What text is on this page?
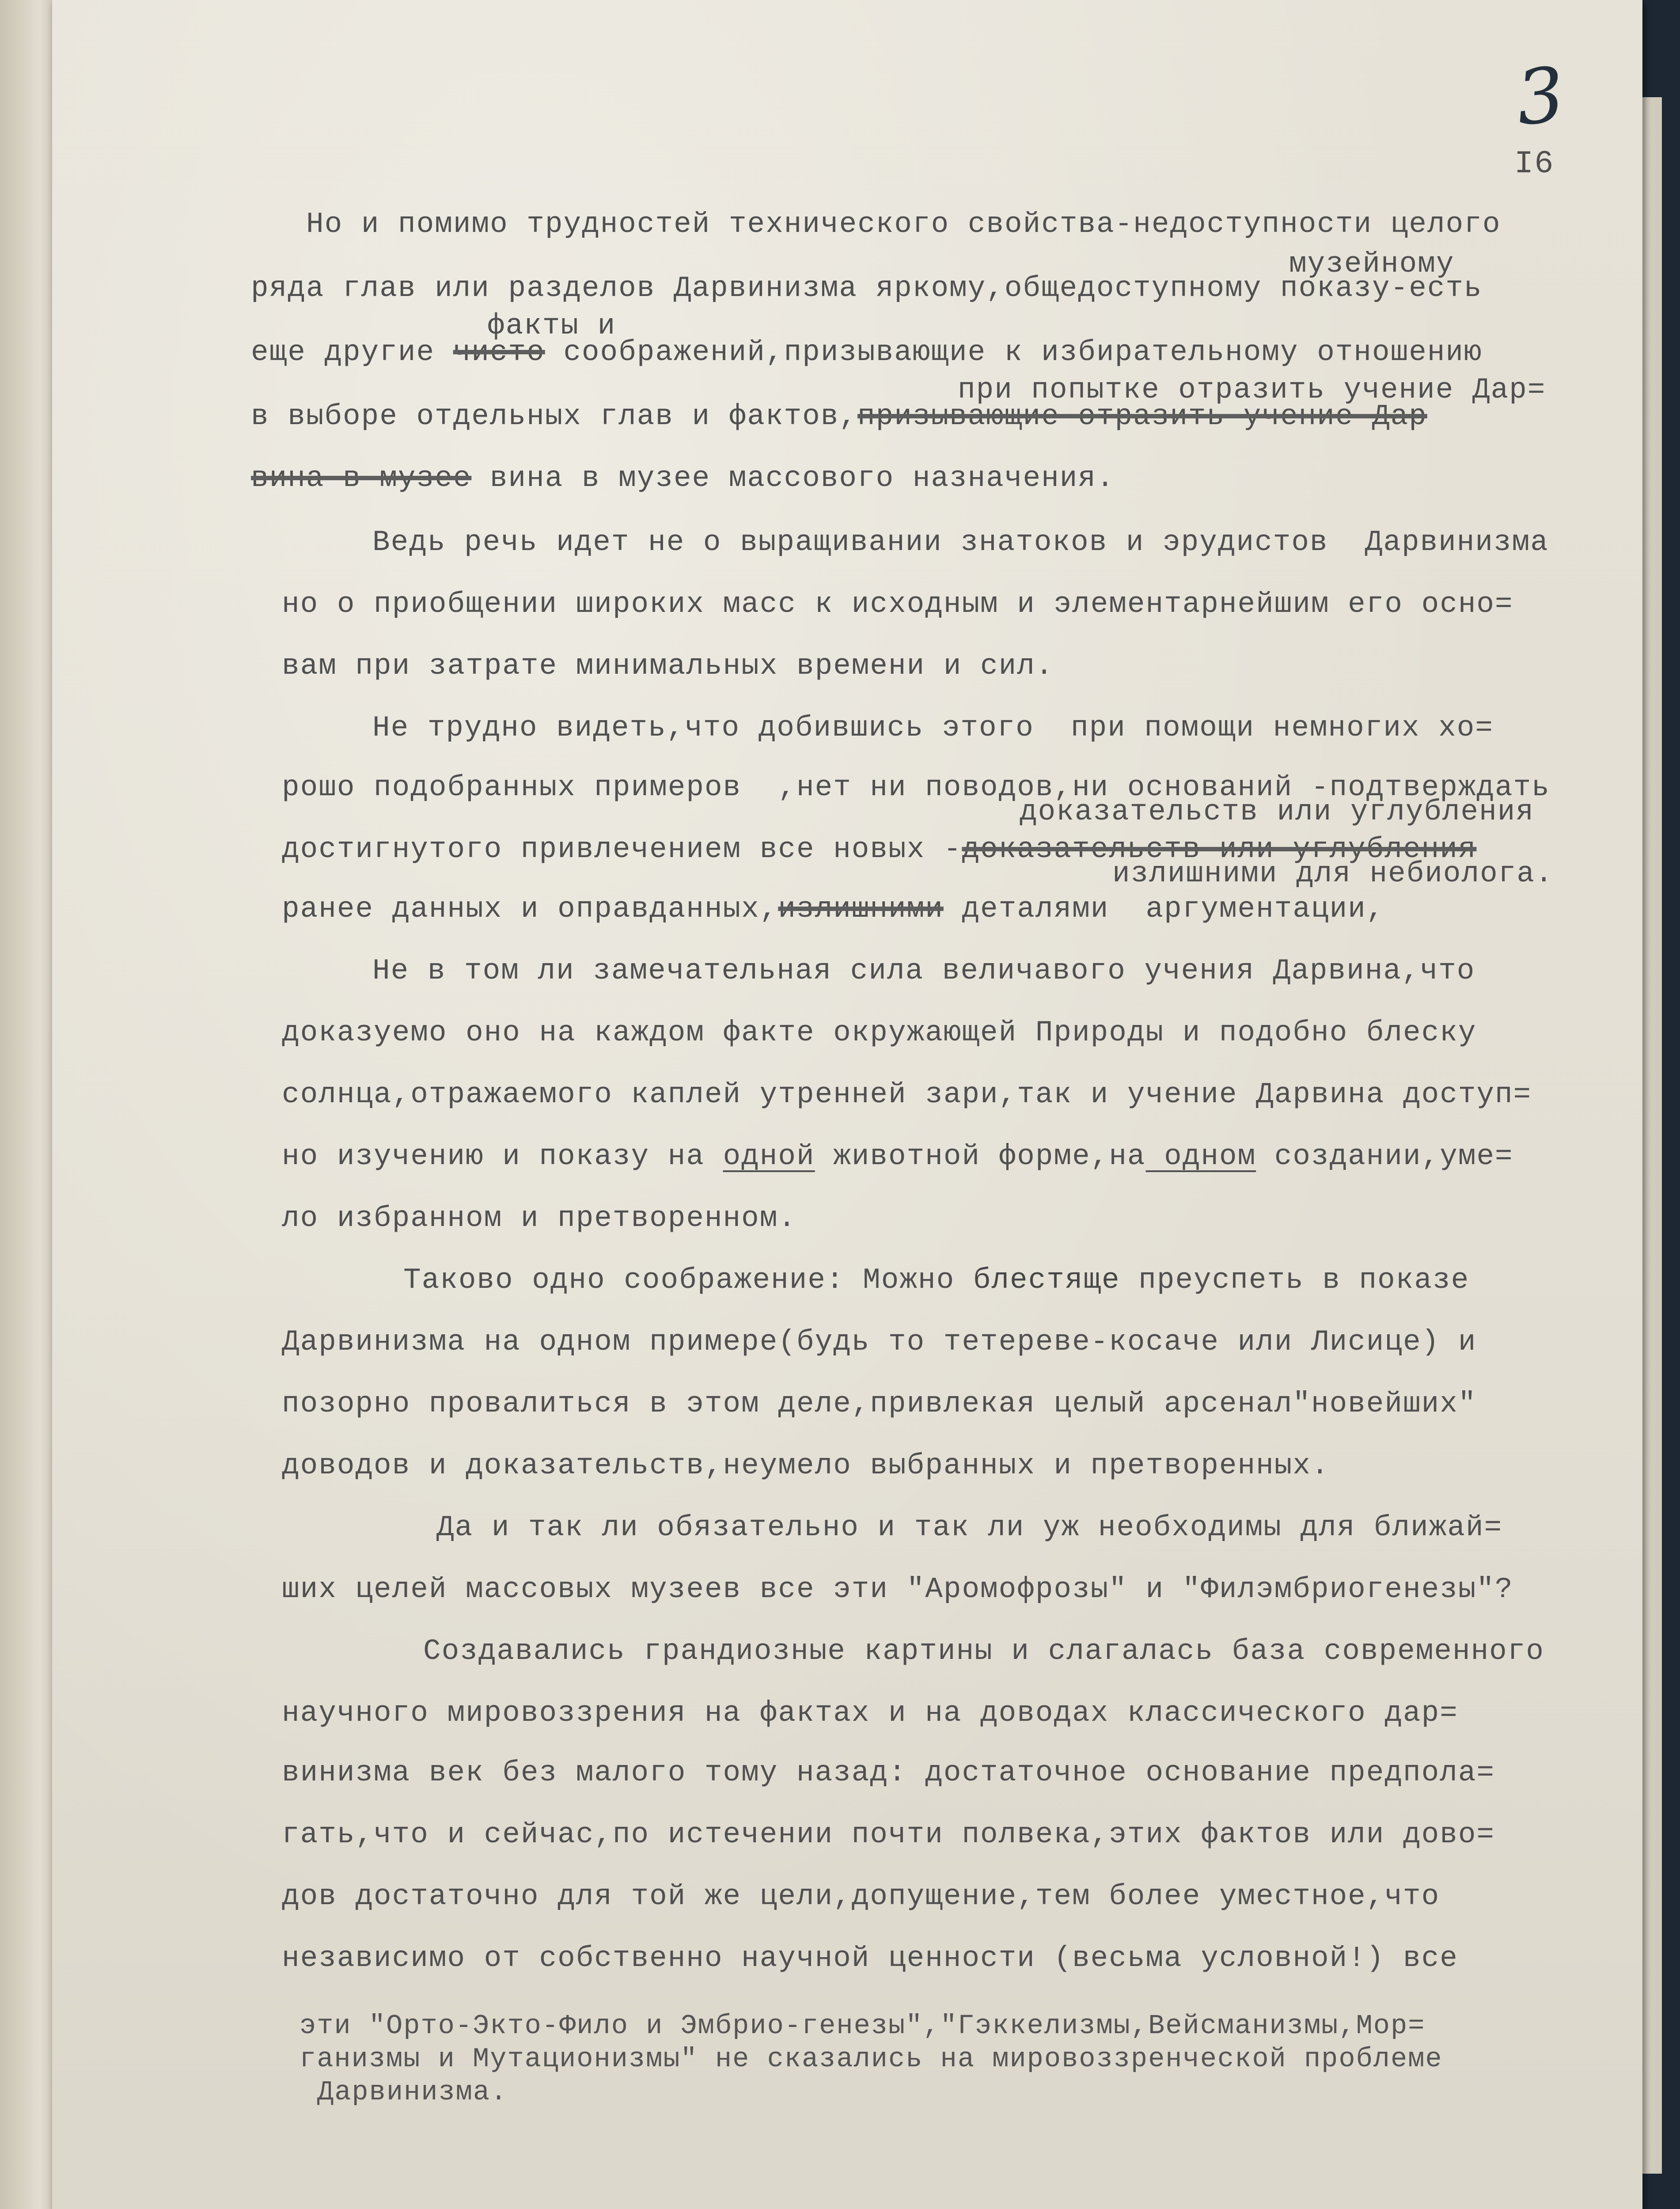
3
I6
Но и помимо трудностей технического свойства-недоступности целого
музейному
ряда глав или разделов Дарвинизма яркому,общедоступному показу-есть
факты и
еще другие чисто соображений,призывающие к избирательному отношению
при попытке отразить учение Дар=
в выборе отдельных глав и фактов,призывающие отразить учение Дар
вина в музее вина в музее массового назначения.
Ведь речь идет не о выращивании знатоков и эрудистов  Дарвинизма
но о приобщении широких масс к исходным и элементарнейшим его осно=
вам при затрате минимальных времени и сил.
Не трудно видеть,что добившись этого  при помощи немногих хо=
рошо подобранных примеров  ,нет ни поводов,ни оснований -подтверждать
доказательств или углубления
достигнутого привлечением все новых -доказательств или углубления
излишними для небиолога.
ранее данных и оправданных,излишними деталями  аргументации,
Не в том ли замечательная сила величавого учения Дарвина,что
доказуемо оно на каждом факте окружающей Природы и подобно блеску
солнца,отражаемого каплей утренней зари,так и учение Дарвина доступ=
но изучению и показу на одной животной форме,на одном создании,уме=
ло избранном и претворенном.
Таково одно соображение: Можно блестяще преуспеть в показе
Дарвинизма на одном примере(будь то тетереве-косаче или Лисице) и
позорно провалиться в этом деле,привлекая целый арсенал"новейших"
доводов и доказательств,неумело выбранных и претворенных.
Да и так ли обязательно и так ли уж необходимы для ближай=
ших целей массовых музеев все эти "Аромофрозы" и "Филэмбриогенезы"?
Создавались грандиозные картины и слагалась база современного
научного мировоззрения на фактах и на доводах классического дар=
винизма век без малого тому назад: достаточное основание предпола=
гать,что и сейчас,по истечении почти полвека,этих фактов или дово=
дов достаточно для той же цели,допущение,тем более уместное,что
независимо от собственно научной ценности (весьма условной!) все
эти "Орто-Экто-Фило и Эмбрио-генезы","Гэккелизмы,Вейсманизмы,Мор=
ганизмы и Мутационизмы" не сказались на мировоззренческой проблеме
Дарвинизма.
